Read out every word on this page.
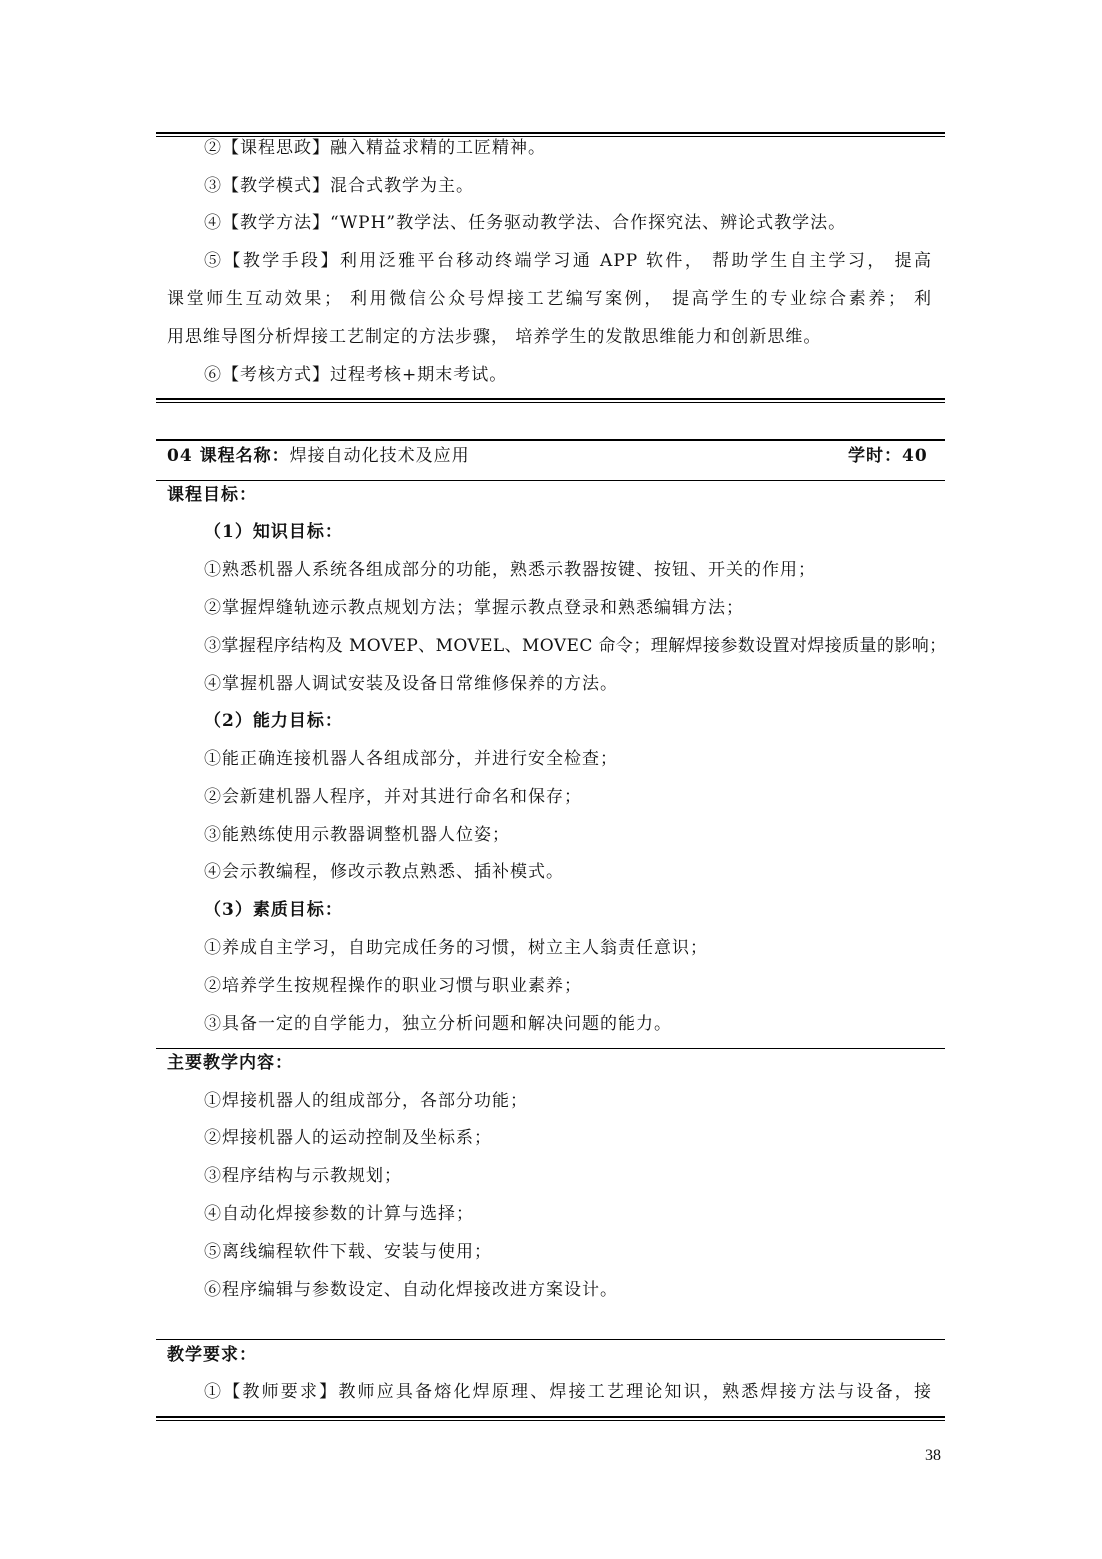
②【课程思政】融入精益求精的工匠精神。
③【教学模式】混合式教学为主。
④【教学方法】“WPH”教学法、任务驱动教学法、合作探究法、辨论式教学法。
⑤【教学手段】利用泛雅平台移动终端学习通 APP 软件， 帮助学生自主学习， 提高
课堂师生互动效果； 利用微信公众号焊接工艺编写案例， 提高学生的专业综合素养； 利
用思维导图分析焊接工艺制定的方法步骤， 培养学生的发散思维能力和创新思维。
⑥【考核方式】过程考核+期末考试。
04 课程名称：焊接自动化技术及应用	学时：40
课程目标：
（1）知识目标：
①熟悉机器人系统各组成部分的功能，熟悉示教器按键、按钮、开关的作用；
②掌握焊缝轨迹示教点规划方法；掌握示教点登录和熟悉编辑方法；
③掌握程序结构及 MOVEP、MOVEL、MOVEC 命令；理解焊接参数设置对焊接质量的影响；
④掌握机器人调试安装及设备日常维修保养的方法。
（2）能力目标：
①能正确连接机器人各组成部分，并进行安全检查；
②会新建机器人程序，并对其进行命名和保存；
③能熟练使用示教器调整机器人位姿；
④会示教编程，修改示教点熟悉、插补模式。
（3）素质目标：
①养成自主学习，自助完成任务的习惯，树立主人翁责任意识；
②培养学生按规程操作的职业习惯与职业素养；
③具备一定的自学能力，独立分析问题和解决问题的能力。
主要教学内容：
①焊接机器人的组成部分，各部分功能；
②焊接机器人的运动控制及坐标系；
③程序结构与示教规划；
④自动化焊接参数的计算与选择；
⑤离线编程软件下载、安装与使用；
⑥程序编辑与参数设定、自动化焊接改进方案设计。
教学要求：
①【教师要求】教师应具备熔化焊原理、焊接工艺理论知识，熟悉焊接方法与设备，接
38
